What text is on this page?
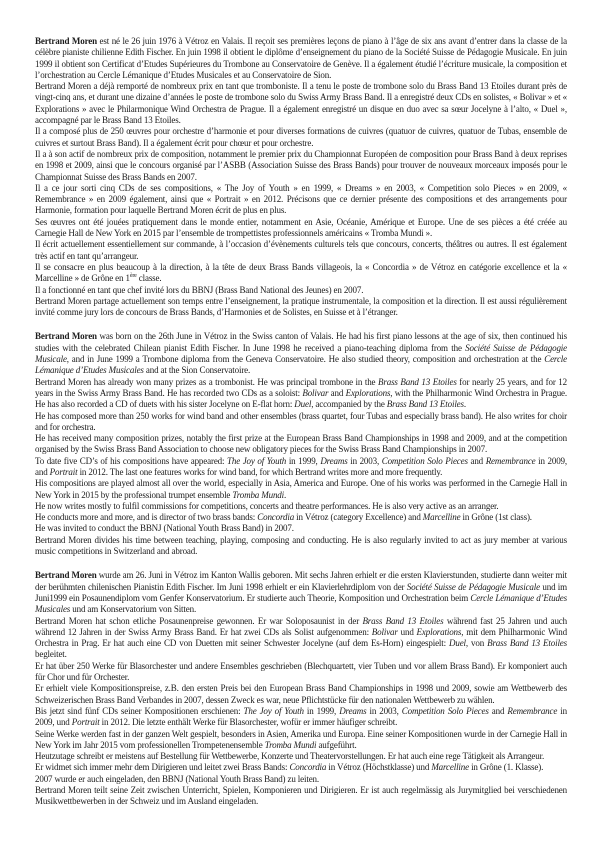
Bertrand Moren est né le 26 juin 1976 à Vétroz en Valais. Il reçoit ses premières leçons de piano à l’âge de six ans avant d’entrer dans la classe de la célèbre pianiste chilienne Edith Fischer. En juin 1998 il obtient le diplôme d’enseignement du piano de la Société Suisse de Pédagogie Musicale. En juin 1999 il obtient son Certificat d’Etudes Supérieures du Trombone au Conservatoire de Genève. Il a également étudié l’écriture musicale, la composition et l’orchestration au Cercle Lémanique d’Etudes Musicales et au Conservatoire de Sion.

Bertrand Moren a déjà remporté de nombreux prix en tant que tromboniste. Il a tenu le poste de trombone solo du Brass Band 13 Etoiles durant près de vingt-cinq ans, et durant une dizaine d’années le poste de trombone solo du Swiss Army Brass Band. Il a enregistré deux CDs en solistes, « Bolivar » et « Explorations » avec le Philarmonique Wind Orchestra de Prague. Il a également enregistré un disque en duo avec sa sœur Jocelyne à l’alto, « Duel », accompagné par le Brass Band 13 Etoiles.

Il a composé plus de 250 œuvres pour orchestre d’harmonie et pour diverses formations de cuivres (quatuor de cuivres, quatuor de Tubas, ensemble de cuivres et surtout Brass Band). Il a également écrit pour chœur et pour orchestre.

Il a à son actif de nombreux prix de composition, notamment le premier prix du Championnat Européen de composition pour Brass Band à deux reprises en 1998 et 2009, ainsi que le concours organisé par l’ASBB (Association Suisse des Brass Bands) pour trouver de nouveaux morceaux imposés pour le Championnat Suisse des Brass Bands en 2007.

Il a ce jour sorti cinq CDs de ses compositions, « The Joy of Youth » en 1999, « Dreams » en 2003, « Competition solo Pieces » en 2009, « Remembrance » en 2009 également, ainsi que « Portrait » en 2012. Précisons que ce dernier présente des compositions et des arrangements pour Harmonie, formation pour laquelle Bertrand Moren écrit de plus en plus.

Ses œuvres ont été jouées pratiquement dans le monde entier, notamment en Asie, Océanie, Amérique et Europe. Une de ses pièces a été créée au Carnegie Hall de New York en 2015 par l’ensemble de trompettistes professionnels américains « Tromba Mundi ».

Il écrit actuellement essentiellement sur commande, à l’occasion d’évènements culturels tels que concours, concerts, théâtres ou autres. Il est également très actif en tant qu’arrangeur.

Il se consacre en plus beaucoup à la direction, à la tête de deux Brass Bands villageois, la « Concordia » de Vétroz en catégorie excellence et la « Marcelline » de Grône en 1ère classe.

Il a fonctionné en tant que chef invité lors du BBNJ (Brass Band National des Jeunes) en 2007.

Bertrand Moren partage actuellement son temps entre l’enseignement, la pratique instrumentale, la composition et la direction. Il est aussi régulièrement invité comme jury lors de concours de Brass Bands, d’Harmonies et de Solistes, en Suisse et à l’étranger.

Bertrand Moren was born on the 26th June in Vétroz in the Swiss canton of Valais. He had his first piano lessons at the age of six, then continued his studies with the celebrated Chilean pianist Edith Fischer. In June 1998 he received a piano-teaching diploma from the Société Suisse de Pédagogie Musicale, and in June 1999 a Trombone diploma from the Geneva Conservatoire. He also studied theory, composition and orchestration at the Cercle Lémanique d’Etudes Musicales and at the Sion Conservatoire.

Bertrand Moren has already won many prizes as a trombonist. He was principal trombone in the Brass Band 13 Etoiles for nearly 25 years, and for 12 years in the Swiss Army Brass Band. He has recorded two CDs as a soloist: Bolivar and Explorations, with the Philharmonic Wind Orchestra in Prague. He has also recorded a CD of duets with his sister Jocelyne on E-flat horn: Duel, accompanied by the Brass Band 13 Etoiles.

He has composed more than 250 works for wind band and other ensembles (brass quartet, four Tubas and especially brass band). He also writes for choir and for orchestra.

He has received many composition prizes, notably the first prize at the European Brass Band Championships in 1998 and 2009, and at the competition organised by the Swiss Brass Band Association to choose new obligatory pieces for the Swiss Brass Band Championships in 2007.

To date five CD’s of his compositions have appeared: The Joy of Youth in 1999, Dreams in 2003, Competition Solo Pieces and Remembrance in 2009, and Portrait in 2012. The last one features works for wind band, for which Bertrand writes more and more frequently.

His compositions are played almost all over the world, especially in Asia, America and Europe. One of his works was performed in the Carnegie Hall in New York in 2015 by the professional trumpet ensemble Tromba Mundi.

He now writes mostly to fulfil commissions for competitions, concerts and theatre performances. He is also very active as an arranger.

He conducts more and more, and is director of two brass bands: Concordia in Vétroz (category Excellence) and Marcelline in Grône (1st class).

He was invited to conduct the BBNJ (National Youth Brass Band) in 2007.

Bertrand Moren divides his time between teaching, playing, composing and conducting. He is also regularly invited to act as jury member at various music competitions in Switzerland and abroad.

Bertrand Moren wurde am 26. Juni in Vétroz im Kanton Wallis geboren. Mit sechs Jahren erhielt er die ersten Klavierstunden, studierte dann weiter mit der berühmten chilenischen Pianistin Edith Fischer. Im Juni 1998 erhielt er ein Klavierlehrdiplom von der Société Suisse de Pédagogie Musicale und im Juni1999 ein Posaunendiplom vom Genfer Konservatorium. Er studierte auch Theorie, Komposition und Orchestration beim Cercle Lémanique d’Etudes Musicales und am Konservatorium von Sitten.

Bertrand Moren hat schon etliche Posaunenpreise gewonnen. Er war Soloposaunist in der Brass Band 13 Etoiles während fast 25 Jahren und auch während 12 Jahren in der Swiss Army Brass Band. Er hat zwei CDs als Solist aufgenommen: Bolivar und Explorations, mit dem Philharmonic Wind Orchestra in Prag. Er hat auch eine CD von Duetten mit seiner Schwester Jocelyne (auf dem Es-Horn) eingespielt: Duel, von Brass Band 13 Etoiles begleitet.

Er hat über 250 Werke für Blasorchester und andere Ensembles geschrieben (Blechquartett, vier Tuben und vor allem Brass Band). Er komponiert auch für Chor und für Orchester.

Er erhielt viele Kompositionspreise, z.B. den ersten Preis bei den European Brass Band Championships in 1998 und 2009, sowie am Wettbewerb des Schweizerischen Brass Band Verbandes in 2007, dessen Zweck es war, neue Pflichtstücke für den nationalen Wettbewerb zu wählen.

Bis jetzt sind fünf CDs seiner Kompositionen erschienen: The Joy of Youth in 1999, Dreams in 2003, Competition Solo Pieces and Remembrance in 2009, und Portrait in 2012. Die letzte enthält Werke für Blasorchester, wofür er immer häufiger schreibt.

Seine Werke werden fast in der ganzen Welt gespielt, besonders in Asien, Amerika und Europa. Eine seiner Kompositionen wurde in der Carnegie Hall in New York im Jahr 2015 vom professionellen Trompetenensemble Tromba Mundi aufgeführt.

Heutzutage schreibt er meistens auf Bestellung für Wettbewerbe, Konzerte und Theatervorstellungen. Er hat auch eine rege Tätigkeit als Arrangeur.

Er widmet sich immer mehr dem Dirigieren und leitet zwei Brass Bands: Concordia in Vétroz (Höchstklasse) und Marcelline in Grône (1. Klasse).

2007 wurde er auch eingeladen, den BBNJ (National Youth Brass Band) zu leiten.

Bertrand Moren teilt seine Zeit zwischen Unterricht, Spielen, Komponieren und Dirigieren. Er ist auch regelmässig als Jurymitglied bei verschiedenen Musikwettbewerben in der Schweiz und im Ausland eingeladen.
